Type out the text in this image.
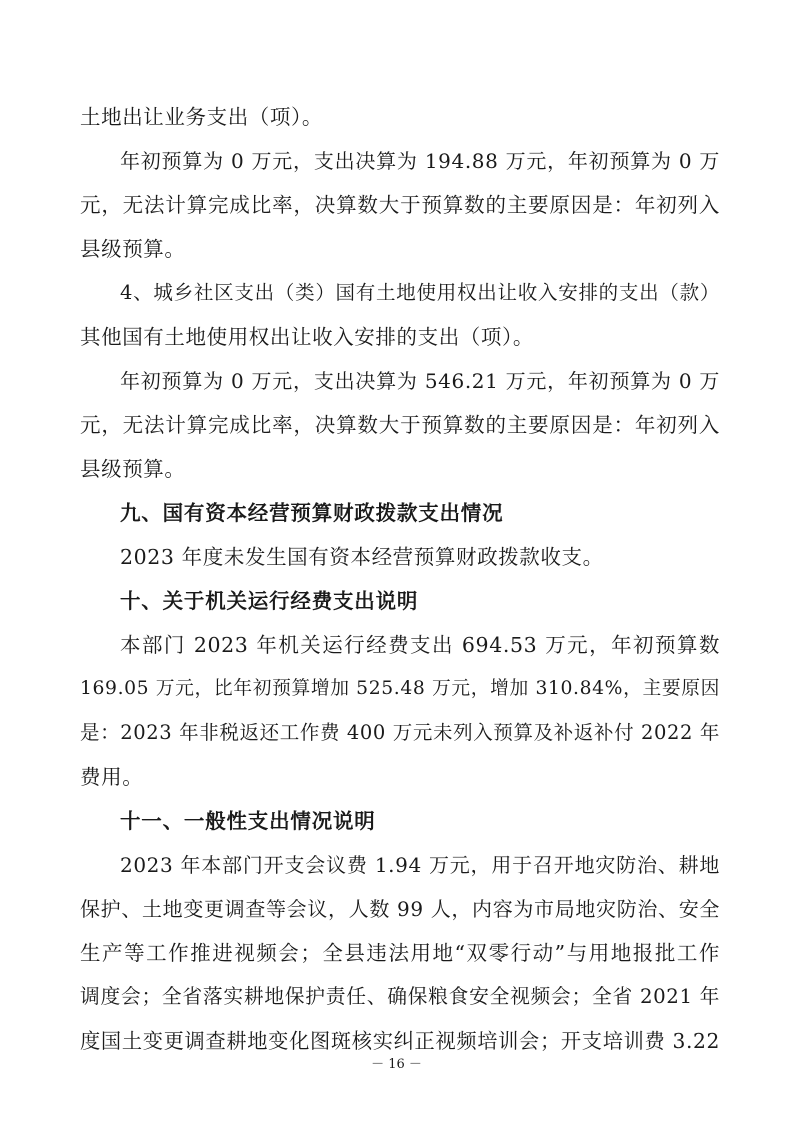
土地出让业务支出（项）。
年初预算为 0 万元，支出决算为 194.88 万元，年初预算为 0 万
元，无法计算完成比率，决算数大于预算数的主要原因是：年初列入
县级预算。
4、城乡社区支出（类）国有土地使用权出让收入安排的支出（款）
其他国有土地使用权出让收入安排的支出（项）。
年初预算为 0 万元，支出决算为 546.21 万元，年初预算为 0 万
元，无法计算完成比率，决算数大于预算数的主要原因是：年初列入
县级预算。
九、国有资本经营预算财政拨款支出情况
2023 年度未发生国有资本经营预算财政拨款收支。
十、关于机关运行经费支出说明
本部门 2023 年机关运行经费支出 694.53 万元，年初预算数
169.05 万元，比年初预算增加 525.48 万元，增加 310.84%，主要原因
是：2023 年非税返还工作费 400 万元未列入预算及补返补付 2022 年
费用。
十一、一般性支出情况说明
2023 年本部门开支会议费 1.94 万元，用于召开地灾防治、耕地
保护、土地变更调查等会议，人数 99 人，内容为市局地灾防治、安全
生产等工作推进视频会；全县违法用地“双零行动”与用地报批工作
调度会；全省落实耕地保护责任、确保粮食安全视频会；全省 2021 年
度国土变更调查耕地变化图斑核实纠正视频培训会；开支培训费 3.22
－ 16 －
